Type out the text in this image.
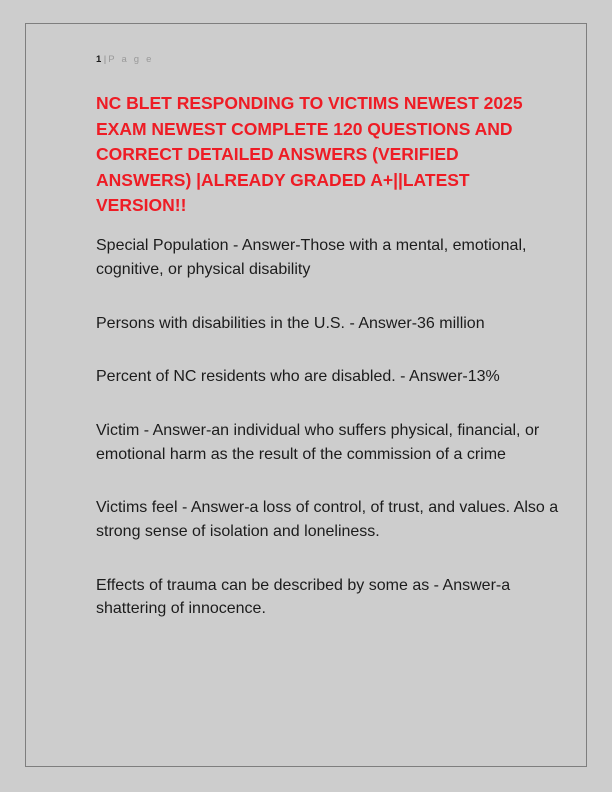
1 | P a g e
NC BLET RESPONDING TO VICTIMS NEWEST 2025 EXAM NEWEST COMPLETE 120 QUESTIONS AND CORRECT DETAILED ANSWERS (VERIFIED ANSWERS) |ALREADY GRADED A+||LATEST VERSION!!

Special Population - Answer-Those with a mental, emotional, cognitive, or physical disability

Persons with disabilities in the U.S. - Answer-36 million

Percent of NC residents who are disabled. - Answer-13%

Victim - Answer-an individual who suffers physical, financial, or emotional harm as the result of the commission of a crime

Victims feel - Answer-a loss of control, of trust, and values. Also a strong sense of isolation and loneliness.

Effects of trauma can be described by some as - Answer-a shattering of innocence.
